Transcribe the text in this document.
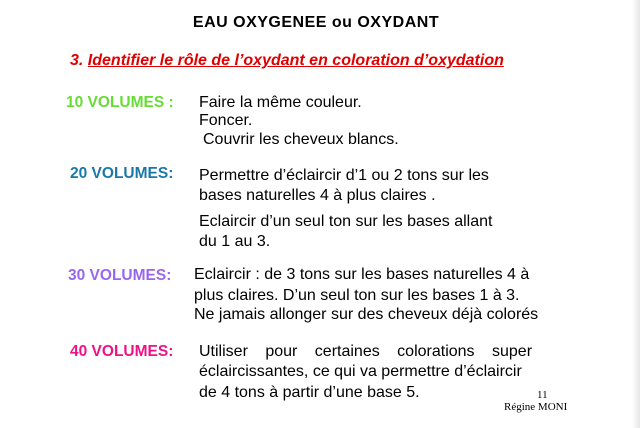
EAU OXYGENEE ou OXYDANT
3. Identifier le rôle de l’oxydant en coloration d’oxydation
10 VOLUMES : Faire la même couleur.
Foncer.
Couvrir les cheveux blancs.
20 VOLUMES: Permettre d’éclaircir d’1 ou 2 tons sur les
bases naturelles 4 à plus claires .
Eclaircir d’un seul ton sur les bases allant
du 1 au 3.
30 VOLUMES: Eclaircir : de 3 tons sur les bases naturelles 4 à
plus claires. D’un seul ton sur les bases 1 à 3.
Ne jamais allonger sur des cheveux déjà colorés
40 VOLUMES: Utiliser pour certaines colorations super
éclaircissantes, ce qui va permettre d’éclaircir
de 4 tons à partir d’une base 5.	11
Régine MONI
